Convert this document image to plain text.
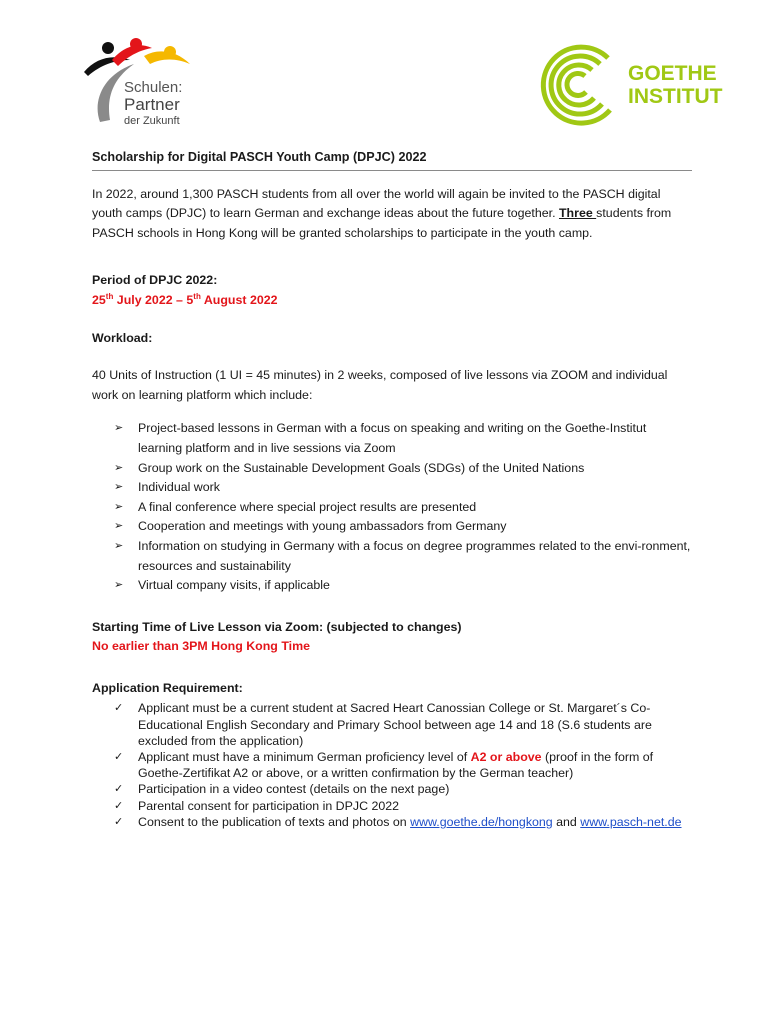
Schulen:
Partner
der Zukunft
GOETHE
INSTITUT
Scholarship for Digital PASCH Youth Camp (DPJC) 2022

In 2022, around 1,300 PASCH students from all over the world will again be invited to the PASCH digital youth camps (DPJC) to learn German and exchange ideas about the future together. Three students from PASCH schools in Hong Kong will be granted scholarships to participate in the youth camp.

Period of DPJC 2022:

25th July 2022 – 5th August 2022

Workload:

40 Units of Instruction (1 UI = 45 minutes) in 2 weeks, composed of live lessons via ZOOM and individual work on learning platform which include:

➢ Project-based lessons in German with a focus on speaking and writing on the Goethe-Institut learning platform and in live sessions via Zoom
➢ Group work on the Sustainable Development Goals (SDGs) of the United Nations
➢ Individual work
➢ A final conference where special project results are presented
➢ Cooperation and meetings with young ambassadors from Germany
➢ Information on studying in Germany with a focus on degree programmes related to the envi-ronment, resources and sustainability
➢ Virtual company visits, if applicable

Starting Time of Live Lesson via Zoom: (subjected to changes)

No earlier than 3PM Hong Kong Time

Application Requirement:

✓ Applicant must be a current student at Sacred Heart Canossian College or St. Margaret´s Co-Educational English Secondary and Primary School between age 14 and 18 (S.6 students are excluded from the application)
✓ Applicant must have a minimum German proficiency level of A2 or above (proof in the form of Goethe-Zertifikat A2 or above, or a written confirmation by the German teacher)
✓ Participation in a video contest (details on the next page)
✓ Parental consent for participation in DPJC 2022
✓ Consent to the publication of texts and photos on www.goethe.de/hongkong and www.pasch-net.de
